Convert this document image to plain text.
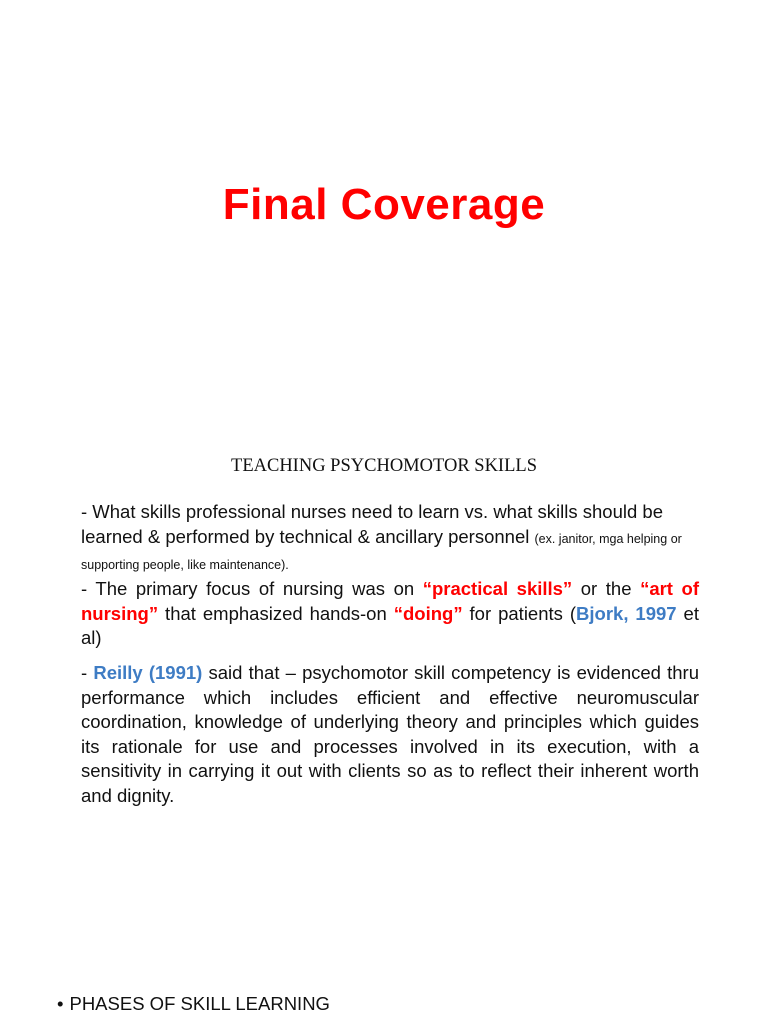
Final Coverage
TEACHING PSYCHOMOTOR SKILLS
- What skills professional nurses need to learn vs. what skills should be learned & performed by technical & ancillary personnel (ex. janitor, mga helping or supporting people, like maintenance).
- The primary focus of nursing was on “practical skills” or the “art of nursing” that emphasized hands-on “doing” for patients (Bjork, 1997 et al)
- Reilly (1991) said that – psychomotor skill competency is evidenced thru performance which includes efficient and effective neuromuscular coordination, knowledge of underlying theory and principles which guides its rationale for use and processes involved in its execution, with a sensitivity in carrying it out with clients so as to reflect their inherent worth and dignity.
• PHASES OF SKILL LEARNING
